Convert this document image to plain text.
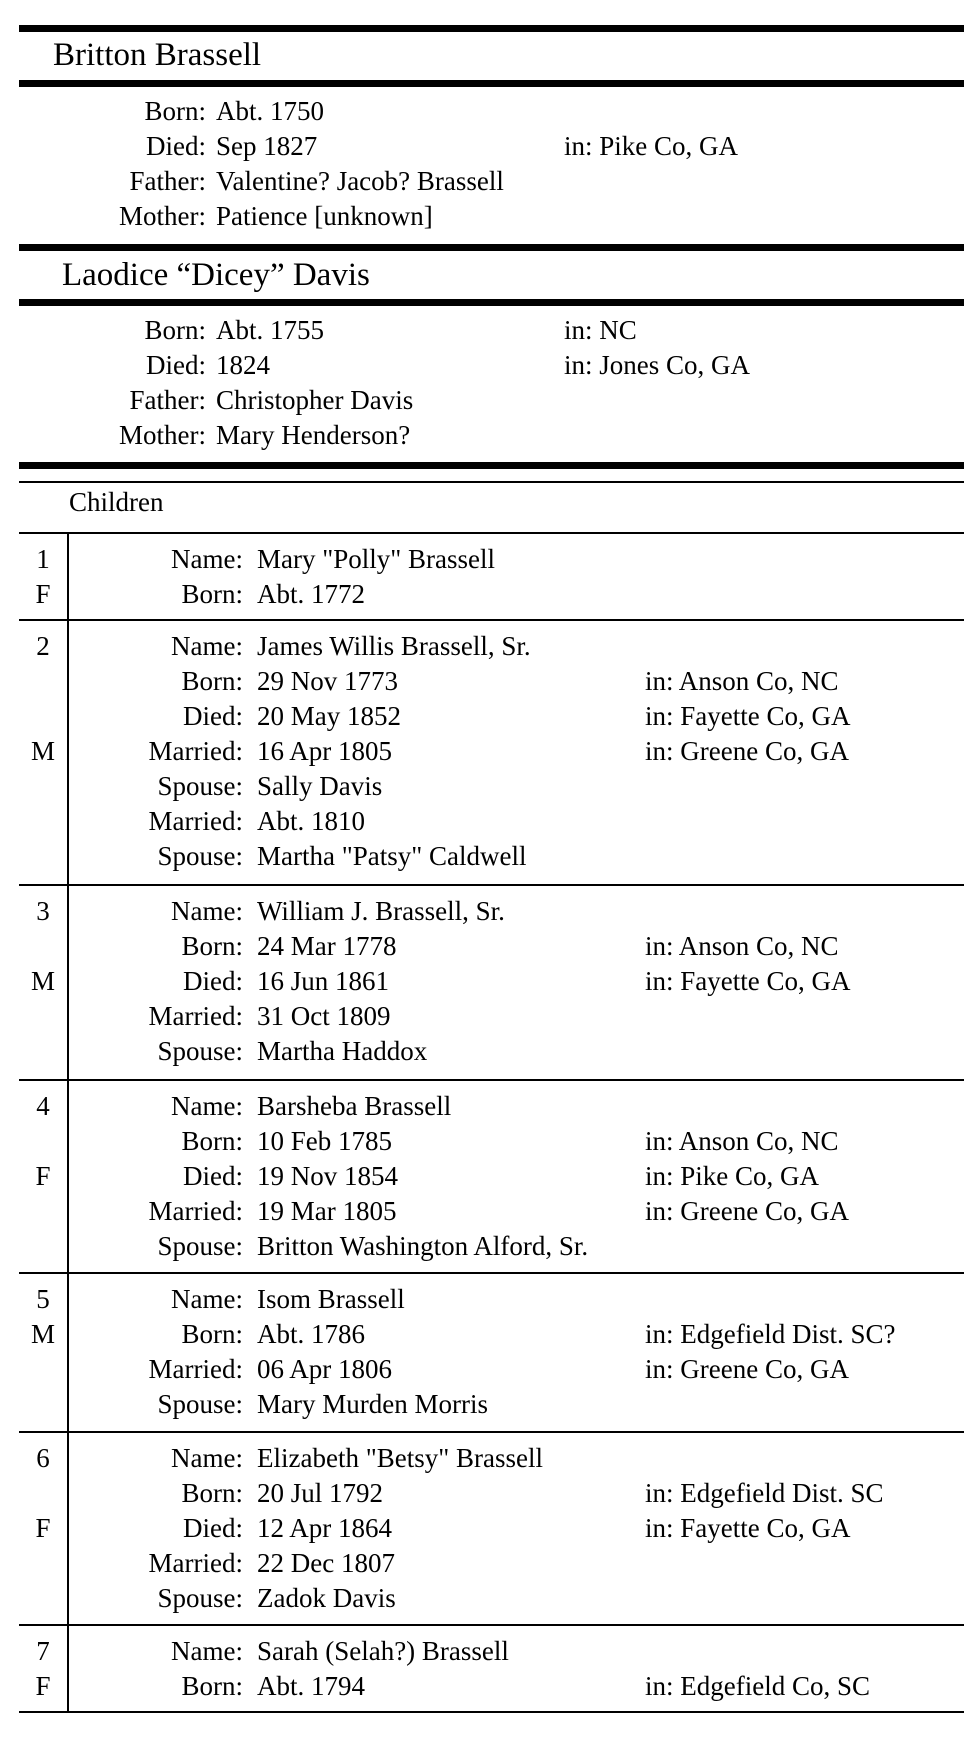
Britton Brassell
Born: Abt. 1750
Died: Sep 1827	in: Pike Co, GA
Father: Valentine? Jacob? Brassell
Mother: Patience [unknown]
Laodice “Dicey” Davis
Born: Abt. 1755	in: NC
Died: 1824	in: Jones Co, GA
Father: Christopher Davis
Mother: Mary Henderson?
Children
1
F
Name: Mary "Polly" Brassell
Born: Abt. 1772
2
M
Name: James Willis Brassell, Sr.
Born: 29 Nov 1773	in: Anson Co, NC
Died: 20 May 1852	in: Fayette Co, GA
Married: 16 Apr 1805	in: Greene Co, GA
Spouse: Sally Davis
Married: Abt. 1810
Spouse: Martha "Patsy" Caldwell
3
M
Name: William J. Brassell, Sr.
Born: 24 Mar 1778	in: Anson Co, NC
Died: 16 Jun 1861	in: Fayette Co, GA
Married: 31 Oct 1809
Spouse: Martha Haddox
4
F
Name: Barsheba Brassell
Born: 10 Feb 1785	in: Anson Co, NC
Died: 19 Nov 1854	in: Pike Co, GA
Married: 19 Mar 1805	in: Greene Co, GA
Spouse: Britton Washington Alford, Sr.
5
M
Name: Isom Brassell
Born: Abt. 1786	in: Edgefield Dist. SC?
Married: 06 Apr 1806	in: Greene Co, GA
Spouse: Mary Murden Morris
6
F
Name: Elizabeth "Betsy" Brassell
Born: 20 Jul 1792	in: Edgefield Dist. SC
Died: 12 Apr 1864	in: Fayette Co, GA
Married: 22 Dec 1807
Spouse: Zadok Davis
7
F
Name: Sarah (Selah?) Brassell
Born: Abt. 1794	in: Edgefield Co, SC
